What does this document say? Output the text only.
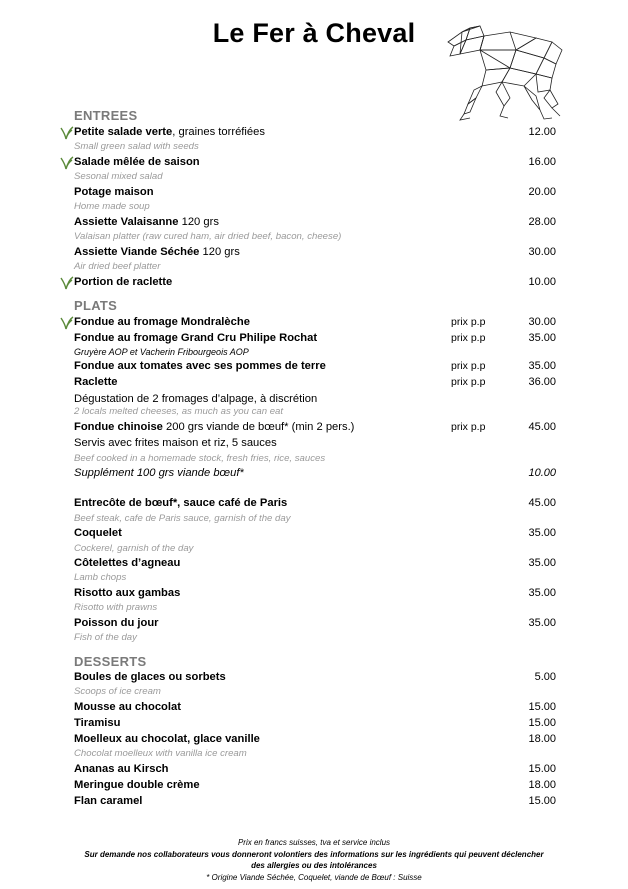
Le Fer à Cheval
ENTREES
Petite salade verte, graines torréfiées	12.00
Small green salad with seeds
Salade mêlée de saison	16.00
Sesonal mixed salad
Potage maison	20.00
Home made soup
Assiette Valaisanne 120 grs	28.00
Valaisan platter (raw cured ham, air dried beef, bacon, cheese)
Assiette Viande Séchée 120 grs	30.00
Air dried beef platter
Portion de raclette	10.00
PLATS
Fondue au fromage Mondralèche	prix p.p	30.00
Fondue au fromage Grand Cru Philipe Rochat	prix p.p	35.00
Gruyère AOP et Vacherin Fribourgeois AOP
Fondue aux tomates avec ses pommes de terre	prix p.p	35.00
Raclette	prix p.p	36.00
Dégustation de 2 fromages d’alpage, à discrétion
2 locals melted cheeses, as much as you can eat
Fondue chinoise 200 grs viande de bœuf* (min 2 pers.)	prix p.p	45.00
Servis avec frites maison et riz, 5 sauces
Beef cooked in a homemade stock, fresh fries, rice, sauces
Supplément 100 grs viande bœuf*	10.00
Entrecôte de bœuf*, sauce café de Paris	45.00
Beef steak, cafe de Paris sauce, garnish of the day
Coquelet	35.00
Cockerel, garnish of the day
Côtelettes d’agneau	35.00
Lamb chops
Risotto aux gambas	35.00
Risotto with prawns
Poisson du jour	35.00
Fish of the day
DESSERTS
Boules de glaces ou sorbets	5.00
Scoops of ice cream
Mousse au chocolat	15.00
Tiramisu	15.00
Moelleux au chocolat, glace vanille	18.00
Chocolat moelleux with vanilla ice cream
Ananas au Kirsch	15.00
Meringue double crème	18.00
Flan caramel	15.00
Prix en francs suisses, tva et service inclus
Sur demande nos collaborateurs vous donneront volontiers des informations sur les ingrédients qui peuvent déclencher
des allergies ou des intolérances
* Origine Viande Séchée, Coquelet, viande de Bœuf : Suisse
